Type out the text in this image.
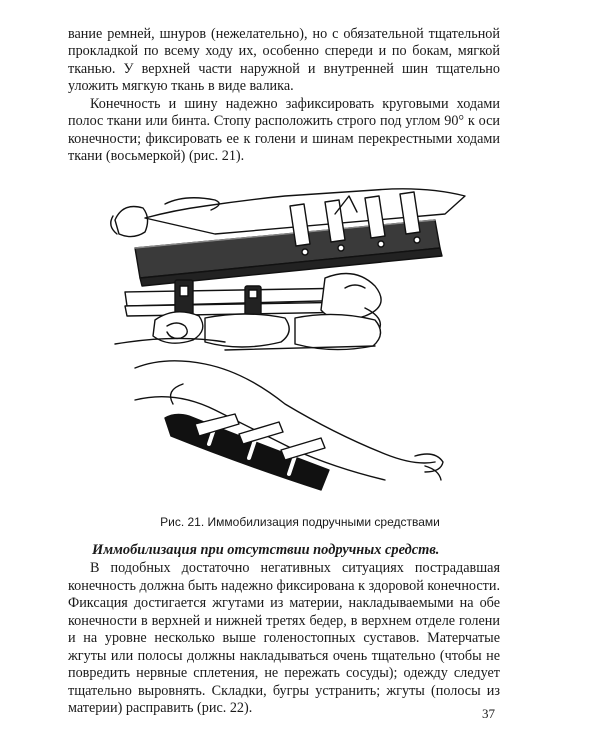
вание ремней, шнуров (нежелательно), но с обязательной тщательной прокладкой по всему ходу их, особенно спереди и по бокам, мягкой тканью. У верхней части наружной и внутренней шин тщательно уложить мягкую ткань в виде валика.

Конечность и шину надежно зафиксировать круговыми ходами полос ткани или бинта. Стопу расположить строго под углом 90° к оси конечности; фиксировать ее к голени и шинам перекрестными ходами ткани (восьмеркой) (рис. 21).

Рис. 21. Иммобилизация подручными средствами
Иммобилизация при отсутствии подручных средств.

В подобных достаточно негативных ситуациях пострадавшая конечность должна быть надежно фиксирована к здоровой конечности. Фиксация достигается жгутами из материи, накладываемыми на обе конечности в верхней и нижней третях бедер, в верхнем отделе голени и на уровне несколько выше голеностопных суставов. Матерчатые жгуты или полосы должны накладываться очень тщательно (чтобы не повредить нервные сплетения, не пережать сосуды); одежду следует тщательно выровнять. Складки, бугры устранить; жгуты (полосы из материи) расправить (рис. 22).	37
